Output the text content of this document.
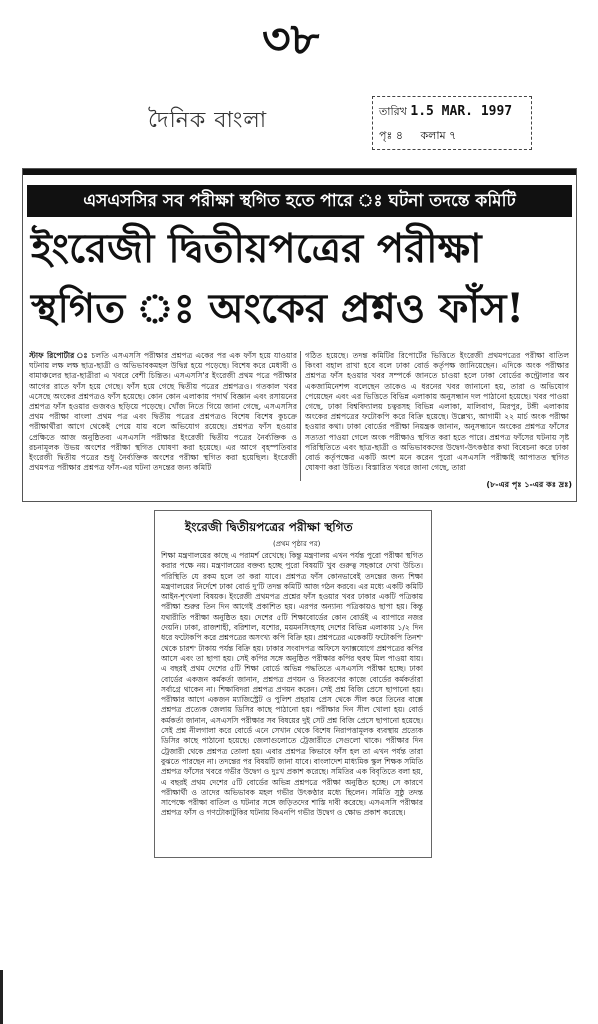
৩৮
দৈনিক বাংলা	তারিখ 1.5 MAR. 1997
পৃঃ ৪ কলাম ৭
এসএসসির সব পরীক্ষা স্থগিত হতে পারে ঃ ঘটনা তদন্তে কমিটি
ইংরেজী দ্বিতীয়পত্রের পরীক্ষা
স্থগিত ঃ অংকের প্রশ্নও ফাঁস!
স্টাফ রিপোর্টার ঃ চলতি এসএসসি পরীক্ষার প্রশ্নপত্র একের পর এক ফাঁস হয়ে যাওয়ার ঘটনায় লক্ষ লক্ষ ছাত্র-ছাত্রী ও অভিভাবকমহল উদ্বিগ্ন হয়ে পড়েছে। বিশেষ করে মেধাবী ও বামাঞ্চলের ছাত্র-ছাত্রীরা এ খবরে বেশী চিন্তিত। এসএসসি'র ইংরেজী প্রথম পত্রে পরীক্ষার আগের রাতে ফাঁস হয়ে গেছে। ফাঁস হয়ে গেছে দ্বিতীয় পত্রের প্রশ্নপত্রও। গতকাল খবর এসেছে অংকের প্রশ্নপত্রও ফাঁস হয়েছে। কোন কোন এলাকায় পদার্থ বিজ্ঞান এবং রসায়নের প্রশ্নপত্র ফাঁস হওয়ার গুজবও ছড়িয়ে পড়েছে। খোঁজ নিতে গিয়ে জানা গেছে, এসএসসির প্রথম পরীক্ষা বাংলা প্রথম পত্র এবং দ্বিতীয় পত্রের প্রশ্নপত্রও বিশেষ বিশেষ কুচক্রে পরীক্ষার্থীরা আগে থেকেই পেয়ে যায় বলে অভিযোগ রয়েছে। প্রশ্নপত্র ফাঁস হওয়ার প্রেক্ষিতে আজ অনুষ্ঠিতব্য এসএসসি পরীক্ষার ইংরেজী দ্বিতীয় পত্রের নৈর্ব্যক্তিক ও রচনামূলক উভয় অংশের পরীক্ষা স্থগিত ঘোষণা করা হয়েছে। এর আগে বৃহস্পতিবার ইংরেজী দ্বিতীয় পত্রের শুধু নৈর্ব্যক্তিক অংশের পরীক্ষা স্থগিত করা হয়েছিল। ইংরেজী প্রথমপত্র পরীক্ষার প্রশ্নপত্র ফাঁস-এর ঘটনা তদন্তের জন্য কমিটি
গঠিত হয়েছে। তদন্ত কমিটির রিপোর্টের ভিত্তিতে ইংরেজী প্রথমপত্রের পরীক্ষা বাতিল কিংবা বহাল রাখা হবে বলে ঢাকা বোর্ড কর্তৃপক্ষ জানিয়েছেন। এদিকে অংক পরীক্ষার প্রশ্নপত্র ফাঁস হওয়ার খবর সম্পর্কে জানতে চাওয়া হলে ঢাকা বোর্ডের কন্ট্রোলার অব একজামিনেশন্স বলেছেন তাকেও এ ধরনের খবর জানানো হয়, তারা ও অভিযোগ পেয়েছেন এবং এর ভিত্তিতে বিভিন্ন এলাকায় অনুসন্ধান দল পাঠানো হয়েছে। খবর পাওয়া গেছে, ঢাকা বিশ্ববিদ্যালয় চত্বরসহ বিভিন্ন এলাকা, মালিবাগ, মিরপুর, টঙ্গী এলাকায় অংকের প্রশ্নপত্রের ফটোকপি করে বিক্রি হয়েছে। উল্লেখ্য, আগামী ২২ মার্চ অংক পরীক্ষা হওয়ার কথা। ঢাকা বোর্ডের পরীক্ষা নিয়ন্ত্রক জানান, অনুসন্ধানে অংকের প্রশ্নপত্র ফাঁসের সত্যতা পাওয়া গেলে অংক পরীক্ষাও স্থগিত করা হতে পারে। প্রশ্নপত্র ফাঁসের ঘটনায় সৃষ্ট পরিস্থিতিতে এবং ছাত্র-ছাত্রী ও অভিভাবকদের উদ্বেগ-উৎকণ্ঠার কথা বিবেচনা করে ঢাকা বোর্ড কর্তৃপক্ষের একটি অংশ মনে করেন পুরো এসএসসি পরীক্ষাই আপাতত স্থগিত ঘোষণা করা উচিত। বিস্তারিত খবরে জানা গেছে, তারা
(৮-এর পৃঃ ১-এর কঃ দ্রঃ)
ইংরেজী দ্বিতীয়পত্রের পরীক্ষা স্থগিত
(প্রথম পৃষ্ঠার পর)
শিক্ষা মন্ত্রণালয়ের কাছে এ পরামর্শ রেখেছে। কিন্তু মন্ত্রণালয় এখন পর্যন্ত পুরো পরীক্ষা স্থগিত করার পক্ষে নয়। মন্ত্রণালয়ের বক্তব্য হচ্ছে পুরো বিষয়টি খুব গুরুত্ব সহকারে দেখা উচিত। পরিস্থিতি যে রকম হলে তা করা যাবে। প্রশ্নপত্র ফাঁস কোনভাবেই তদন্তের জন্য শিক্ষা মন্ত্রণালয়ের নির্দেশে ঢাকা বোর্ড দু'টি তদন্ত কমিটি আজ গঠন করবে। এর মধ্যে একটি কমিটি আইন-শৃংখলা বিষয়ক। ইংরেজী প্রথমপত্র প্রশ্নের ফাঁস হওয়ার খবর ঢাকার একটি পত্রিকায় পরীক্ষা শুরুর তিন দিন আগেই প্রকাশিত হয়। এরপর অন্যান্য পত্রিকায়ও ছাপা হয়। কিন্তু যথারীতি পরীক্ষা অনুষ্ঠিত হয়। দেশের ৫টি শিক্ষাবোর্ডের কোন বোর্ডই এ ব্যাপারে নজর দেয়নি। ঢাকা, রাজশাহী, বরিশাল, যশোর, ময়মনসিংহসহ দেশের বিভিন্ন এলাকায় ১/২ দিন ধরে ফটোকপি করে প্রশ্নপত্রের অসংখ্য কপি বিক্রি হয়। প্রশ্নপত্রের একেকটি ফটোকপি তিনশ' থেকে চারশ' টাকায় পর্যন্ত বিক্রি হয়। ঢাকার সংবাদপত্র অফিসে ফ্যাক্সযোগে প্রশ্নপত্রের কপির আসে এবং তা ছাপা হয়। সেই কপির সঙ্গে অনুষ্ঠিত পরীক্ষার কপির হুবহু মিল পাওয়া যায়। এ বছরই প্রথম দেশের ৫টি শিক্ষা বোর্ডে অভিন্ন পদ্ধতিতে এসএসসি পরীক্ষা হচ্ছে। ঢাকা বোর্ডের একজন কর্মকর্তা জানান, প্রশ্নপত্র প্রণয়ন ও বিতরণের কাজে বোর্ডের কর্মকর্তারা সর্বাগ্রে থাকেন না। শিক্ষাবিদরা প্রশ্নপত্র প্রণয়ন করেন। সেই প্রশ্ন বিজি প্রেসে ছাপানো হয়। পরীক্ষার আগে একজন ম্যাজিস্ট্রেট ও পুলিশ প্রহরায় প্রেস থেকে সীল করে তিনের বাক্সে প্রশ্নপত্র প্রত্যেক জেলায় ডিসির কাছে পাঠানো হয়। পরীক্ষার দিন সীল খোলা হয়। বোর্ড কর্মকর্তা জানান, এসএসসি পরীক্ষার সব বিষয়ের দুই সেট প্রশ্ন বিজি প্রেসে ছাপানো হয়েছে। সেই প্রশ্ন নীলগালা করে বোর্ডে এনে সেখান থেকে বিশেষ নিরাপত্তামূলক ব্যবস্থায় প্রত্যেক ডিসির কাছে পাঠানো হয়েছে। জেলাগুলোতে ট্রেজারীতে সেগুলো থাকে। পরীক্ষার দিন ট্রেজারী থেকে প্রশ্নপত্র তোলা হয়। এবার প্রশ্নপত্র কিভাবে ফাঁস হল তা এখন পর্যন্ত তারা বুঝতে পারছেন না। তদন্তের পর বিষয়টি জানা যাবে। বাংলাদেশ মাধ্যমিক স্কুল শিক্ষক সমিতি প্রশ্নপত্র ফাঁসের খবরে গভীর উদ্বেগ ও দুঃখ প্রকাশ করেছে। সমিতির এক বিবৃতিতে বলা হয়, এ বছরই প্রথম দেশের ৫টি বোর্ডের অভিন্ন প্রশ্নপত্রে পরীক্ষা অনুষ্ঠিত হচ্ছে। সে কারণে পরীক্ষার্থী ও তাদের অভিভাবক মহল গভীর উৎকণ্ঠার মধ্যে ছিলেন। সমিতি সুষ্ঠু তদন্ত সাপেক্ষে পরীক্ষা বাতিল ও ঘটনার সঙ্গে জড়িতদের শাস্তি দাবী করেছে। এসএসসি পরীক্ষার প্রশ্নপত্র ফাঁস ও গণটোকাটুকির ঘটনায় বিএনপি গভীর উদ্বেগ ও ক্ষোভ প্রকাশ করেছে।
